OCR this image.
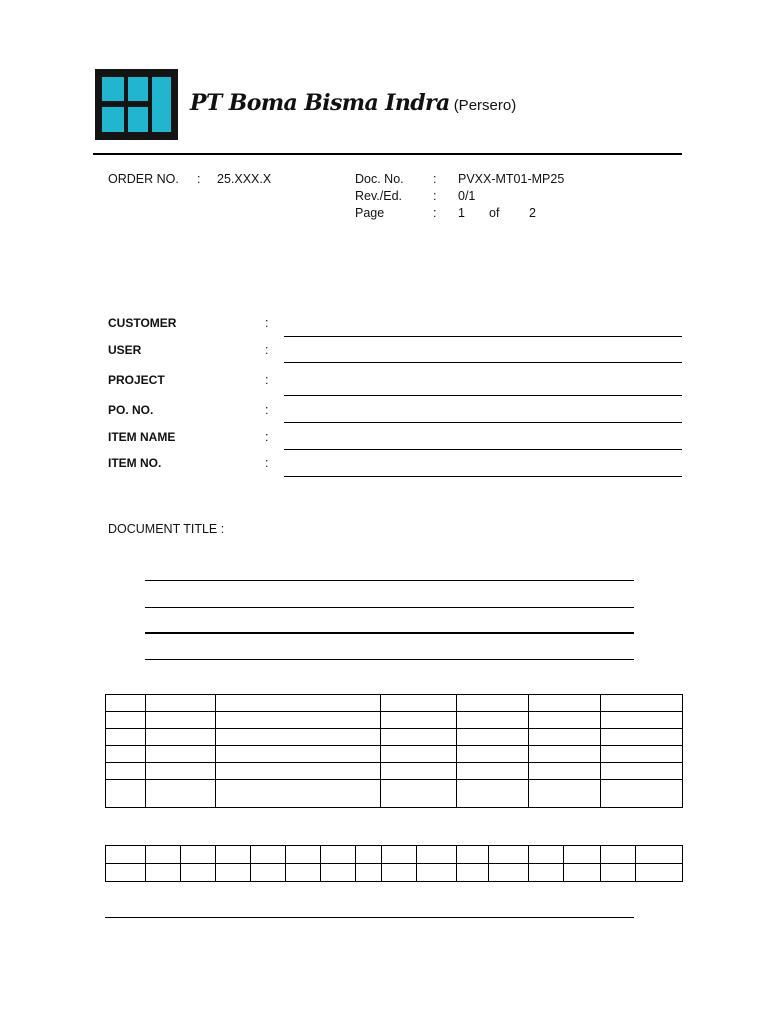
PT Boma Bisma Indra (Persero)
ORDER NO. : 25.XXX.X	Doc. No. : PVXX-MT01-MP25
Rev./Ed. : 0/1
Page	: 1 of 2
CUSTOMER	:
USER	:
PROJECT	:
PO. NO.	:
ITEM NAME	:
ITEM NO.	:
DOCUMENT TITLE :
